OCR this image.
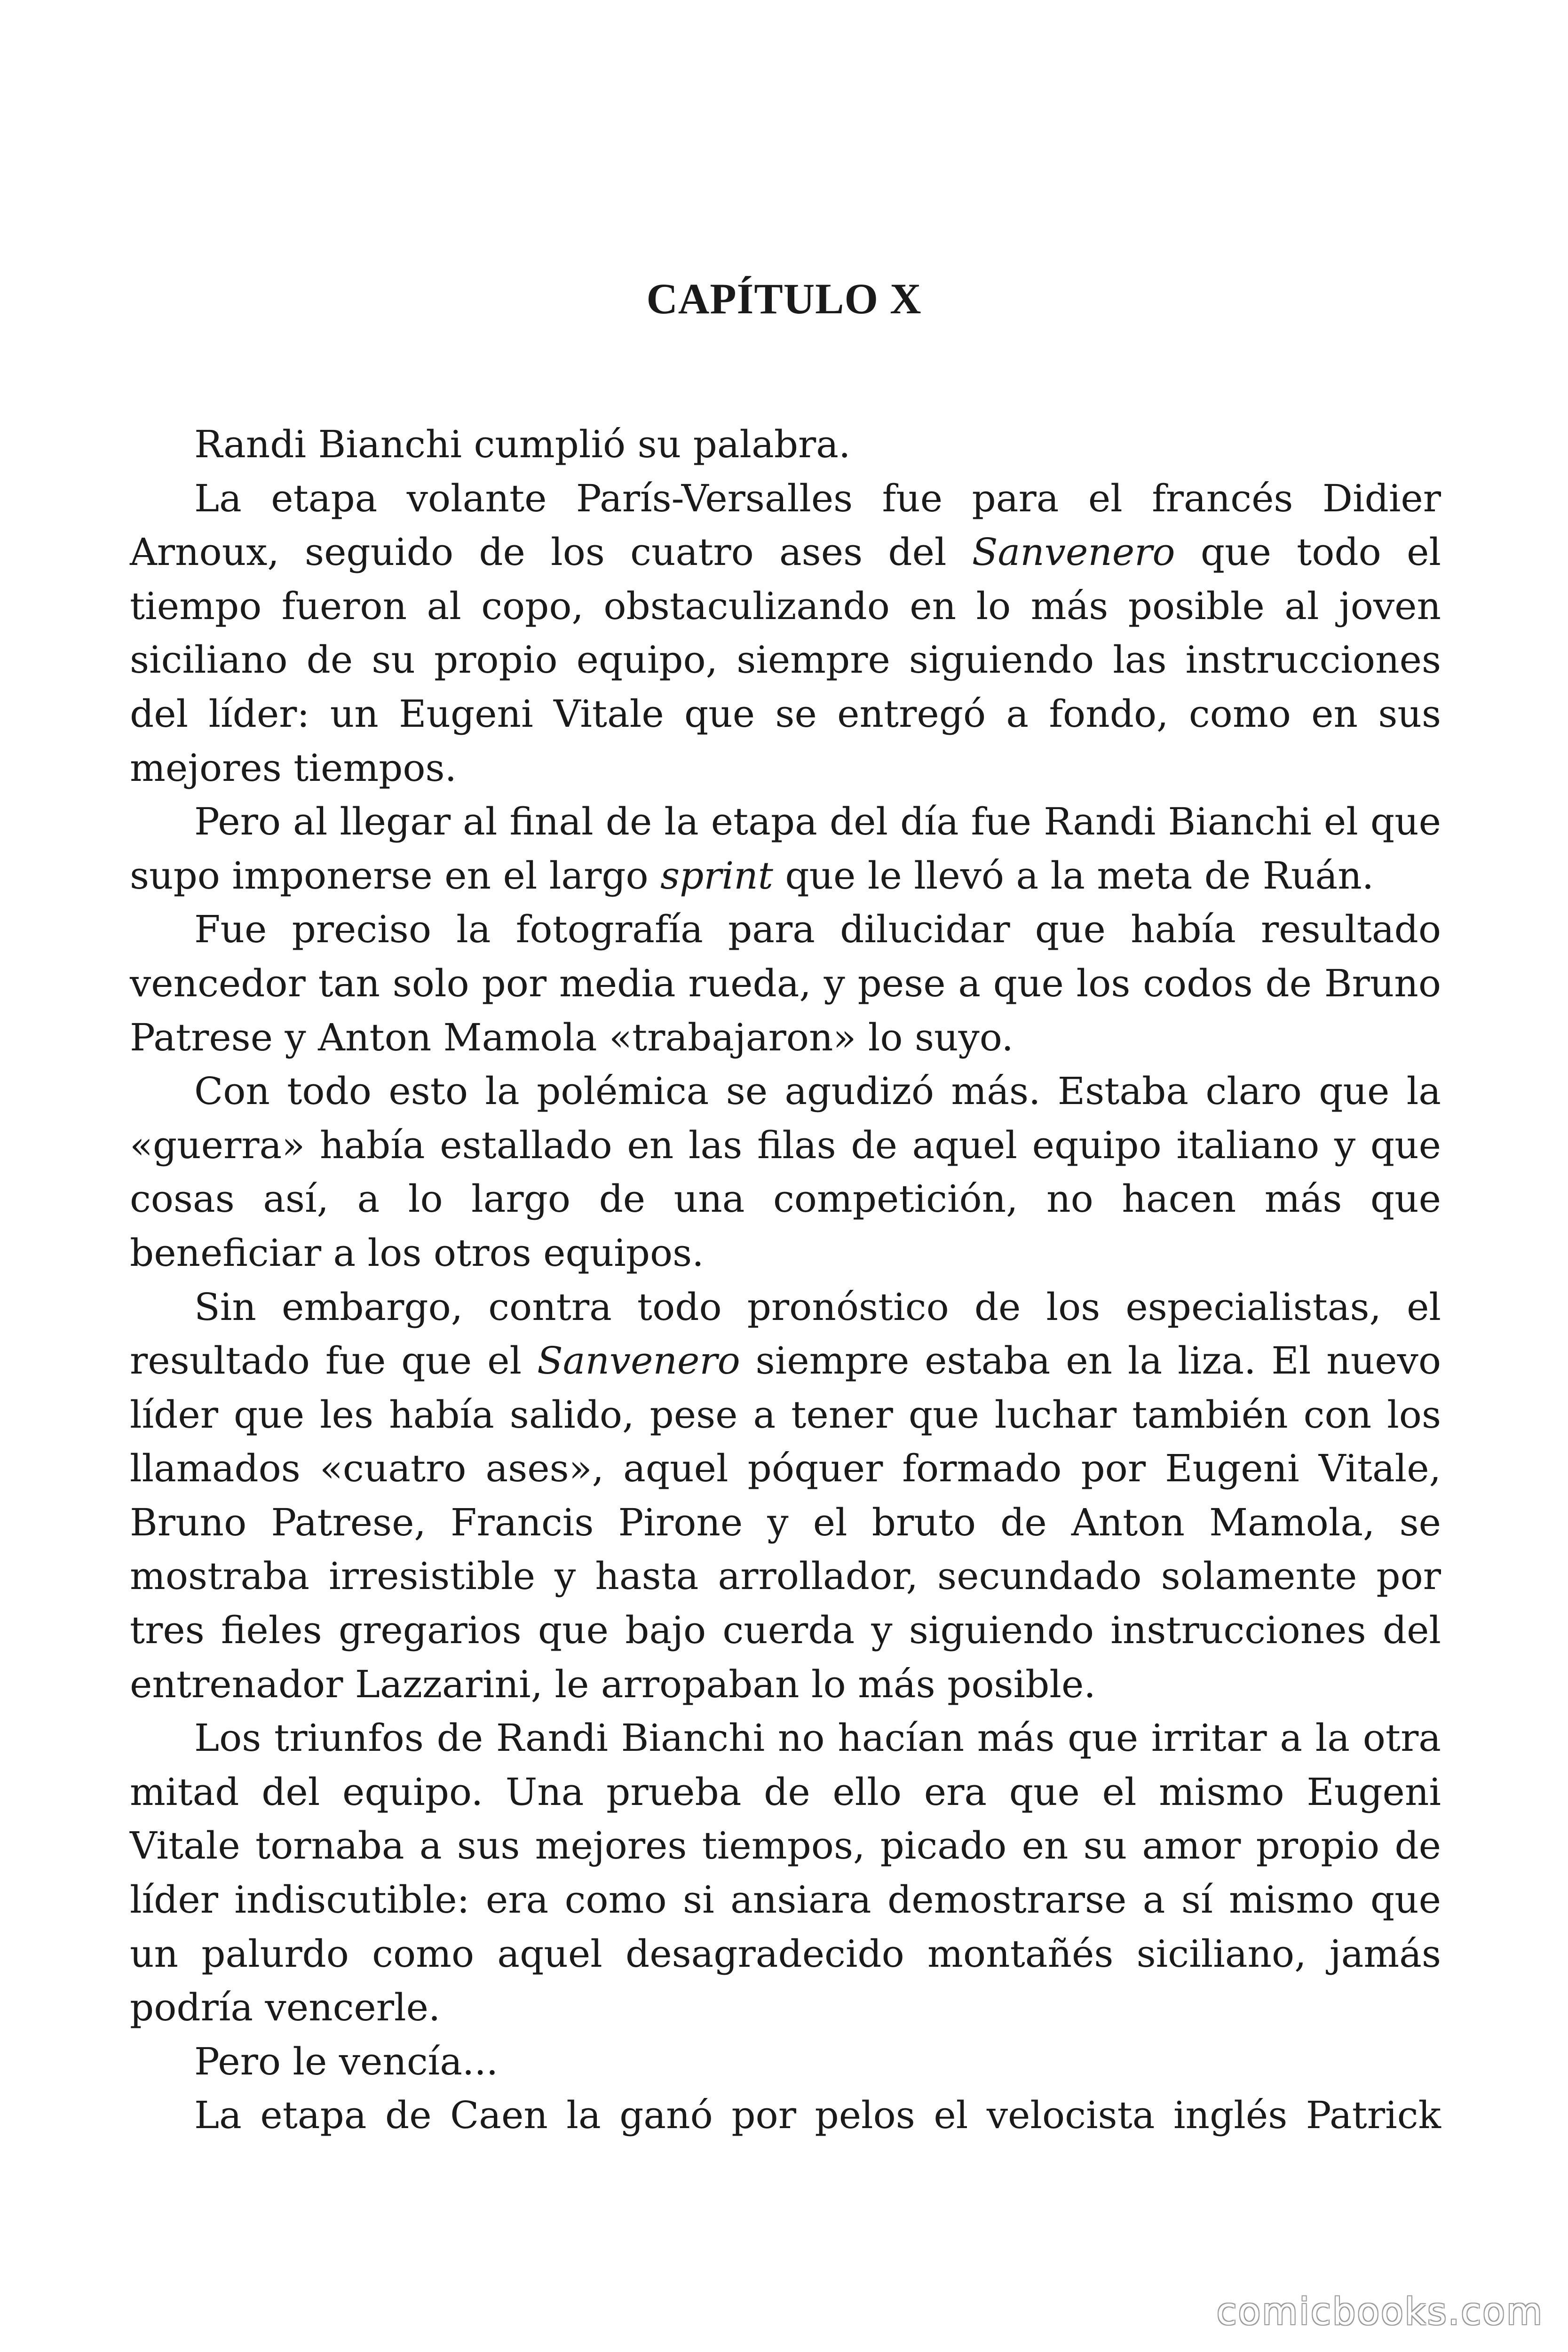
CAPÍTULO X

Randi Bianchi cumplió su palabra.

La etapa volante París-Versalles fue para el francés Didier Arnoux, seguido de los cuatro ases del Sanvenero que todo el tiempo fueron al copo, obstaculizando en lo más posible al joven siciliano de su propio equipo, siempre siguiendo las instrucciones del líder: un Eugeni Vitale que se entregó a fondo, como en sus mejores tiempos.

Pero al llegar al final de la etapa del día fue Randi Bianchi el que supo imponerse en el largo sprint que le llevó a la meta de Ruán.

Fue preciso la fotografía para dilucidar que había resultado vencedor tan solo por media rueda, y pese a que los codos de Bruno Patrese y Anton Mamola «trabajaron» lo suyo.

Con todo esto la polémica se agudizó más. Estaba claro que la «guerra» había estallado en las filas de aquel equipo italiano y que cosas así, a lo largo de una competición, no hacen más que beneficiar a los otros equipos.

Sin embargo, contra todo pronóstico de los especialistas, el resultado fue que el Sanvenero siempre estaba en la liza. El nuevo líder que les había salido, pese a tener que luchar también con los llamados «cuatro ases», aquel póquer formado por Eugeni Vitale, Bruno Patrese, Francis Pirone y el bruto de Anton Mamola, se mostraba irresistible y hasta arrollador, secundado solamente por tres fieles gregarios que bajo cuerda y siguiendo instrucciones del entrenador Lazzarini, le arropaban lo más posible.

Los triunfos de Randi Bianchi no hacían más que irritar a la otra mitad del equipo. Una prueba de ello era que el mismo Eugeni Vitale tornaba a sus mejores tiempos, picado en su amor propio de líder indiscutible: era como si ansiara demostrarse a sí mismo que un palurdo como aquel desagradecido montañés siciliano, jamás podría vencerle.

Pero le vencía...

La etapa de Caen la ganó por pelos el velocista inglés Patrick

comicbooks.com
